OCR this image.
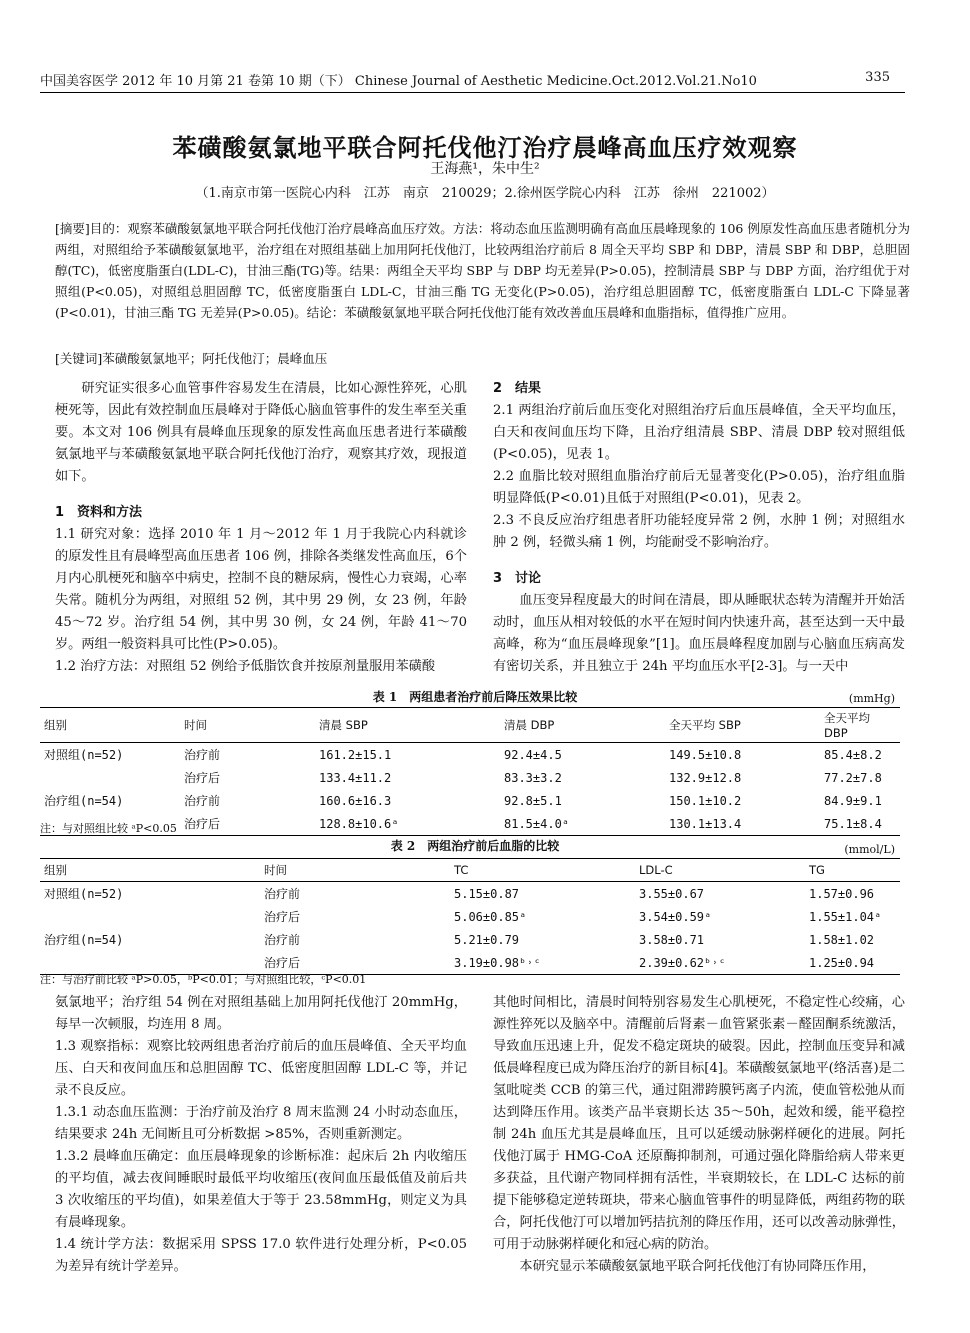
中国美容医学 2012 年 10 月第 21 卷第 10 期（下） Chinese Journal of Aesthetic Medicine.Oct.2012.Vol.21.No10	335
苯磺酸氨氯地平联合阿托伐他汀治疗晨峰高血压疗效观察
王海燕¹，朱中生²
（1.南京市第一医院心内科　江苏　南京　210029；2.徐州医学院心内科　江苏　徐州　221002）
[摘要]目的：观察苯磺酸氨氯地平联合阿托伐他汀治疗晨峰高血压疗效。方法：将动态血压监测明确有高血压晨峰现象的 106 例原发性高血压患者随机分为两组，对照组给予苯磺酸氨氯地平，治疗组在对照组基础上加用阿托伐他汀，比较两组治疗前后 8 周全天平均 SBP 和 DBP，清晨 SBP 和 DBP，总胆固醇(TC)，低密度脂蛋白(LDL-C)，甘油三酯(TG)等。结果：两组全天平均 SBP 与 DBP 均无差异(P>0.05)，控制清晨 SBP 与 DBP 方面，治疗组优于对照组(P<0.05)，对照组总胆固醇 TC，低密度脂蛋白 LDL-C，甘油三酯 TG 无变化(P>0.05)，治疗组总胆固醇 TC，低密度脂蛋白 LDL-C 下降显著(P<0.01)，甘油三酯 TG 无差异(P>0.05)。结论：苯磺酸氨氯地平联合阿托伐他汀能有效改善血压晨峰和血脂指标，值得推广应用。
[关键词]苯磺酸氨氯地平；阿托伐他汀；晨峰血压

研究证实很多心血管事件容易发生在清晨，比如心源性猝死，心肌梗死等，因此有效控制血压晨峰对于降低心脑血管事件的发生率至关重要。本文对 106 例具有晨峰血压现象的原发性高血压患者进行苯磺酸氨氯地平与苯磺酸氨氯地平联合阿托伐他汀治疗，观察其疗效，现报道如下。

1　资料和方法

1.1 研究对象：选择 2010 年 1 月～2012 年 1 月于我院心内科就诊的原发性且有晨峰型高血压患者 106 例，排除各类继发性高血压，6个月内心肌梗死和脑卒中病史，控制不良的糖尿病，慢性心力衰竭，心率失常。随机分为两组，对照组 52 例，其中男 29 例，女 23 例，年龄 45～72 岁。治疗组 54 例，其中男 30 例，女 24 例，年龄 41～70岁。两组一般资料具可比性(P>0.05)。

1.2 治疗方法：对照组 52 例给予低脂饮食并按原剂量服用苯磺酸

2　结果

2.1 两组治疗前后血压变化对照组治疗后血压晨峰值，全天平均血压，白天和夜间血压均下降，且治疗组清晨 SBP、清晨 DBP 较对照组低(P<0.05)，见表 1。

2.2 血脂比较对照组血脂治疗前后无显著变化(P>0.05)，治疗组血脂明显降低(P<0.01)且低于对照组(P<0.01)，见表 2。

2.3 不良反应治疗组患者肝功能轻度异常 2 例，水肿 1 例；对照组水肿 2 例，轻微头痛 1 例，均能耐受不影响治疗。

3　讨论

血压变异程度最大的时间在清晨，即从睡眠状态转为清醒并开始活动时，血压从相对较低的水平在短时间内快速升高，甚至达到一天中最高峰，称为“血压晨峰现象”[1]。血压晨峰程度加剧与心脑血压病高发有密切关系，并且独立于 24h 平均血压水平[2-3]。与一天中

表 1　两组患者治疗前后降压效果比较	(mmHg)
组别	时间	清晨 SBP	清晨 DBP	全天平均 SBP	全天平均 DBP
对照组(n=52)	治疗前	161.2±15.1	92.4±4.5	149.5±10.8	85.4±8.2
	治疗后	133.4±11.2	83.3±3.2	132.9±12.8	77.2±7.8
治疗组(n=54)	治疗前	160.6±16.3	92.8±5.1	150.1±10.2	84.9±9.1
	治疗后	128.8±10.6ᵃ	81.5±4.0ᵃ	130.1±13.4	75.1±8.4
注：与对照组比较 ᵃP<0.05
表 2　两组治疗前后血脂的比较	(mmol/L)
组别	时间	TC	LDL-C	TG
对照组(n=52)	治疗前	5.15±0.87	3.55±0.67	1.57±0.96
	治疗后	5.06±0.85ᵃ	3.54±0.59ᵃ	1.55±1.04ᵃ
治疗组(n=54)	治疗前	5.21±0.79	3.58±0.71	1.58±1.02
	治疗后	3.19±0.98ᵇ˒ᶜ	2.39±0.62ᵇ˒ᶜ	1.25±0.94
注：与治疗前比较 ᵃP>0.05，ᵇP<0.01；与对照组比较，ᶜP<0.01

氨氯地平；治疗组 54 例在对照组基础上加用阿托伐他汀 20mmHg，每早一次顿服，均连用 8 周。

1.3 观察指标：观察比较两组患者治疗前后的血压晨峰值、全天平均血压、白天和夜间血压和总胆固醇 TC、低密度胆固醇 LDL-C 等，并记录不良反应。

1.3.1 动态血压监测：于治疗前及治疗 8 周末监测 24 小时动态血压，结果要求 24h 无间断且可分析数据 >85%，否则重新测定。

1.3.2 晨峰血压确定：血压晨峰现象的诊断标准：起床后 2h 内收缩压的平均值，减去夜间睡眠时最低平均收缩压(夜间血压最低值及前后共 3 次收缩压的平均值)，如果差值大于等于 23.58mmHg，则定义为具有晨峰现象。

1.4 统计学方法：数据采用 SPSS 17.0 软件进行处理分析，P<0.05 为差异有统计学差异。

其他时间相比，清晨时间特别容易发生心肌梗死，不稳定性心绞痛，心源性猝死以及脑卒中。清醒前后肾素－血管紧张素－醛固酮系统激活，导致血压迅速上升，促发不稳定斑块的破裂。因此，控制血压变异和减低晨峰程度已成为降压治疗的新目标[4]。苯磺酸氨氯地平(络活喜)是二氢吡啶类 CCB 的第三代，通过阻滞跨膜钙离子内流，使血管松弛从而达到降压作用。该类产品半衰期长达 35～50h，起效和缓，能平稳控制 24h 血压尤其是晨峰血压，且可以延缓动脉粥样硬化的进展。阿托伐他汀属于 HMG-CoA 还原酶抑制剂，可通过强化降脂给病人带来更多获益，且代谢产物同样拥有活性，半衰期较长，在 LDL-C 达标的前提下能够稳定逆转斑块，带来心脑血管事件的明显降低，两组药物的联合，阿托伐他汀可以增加钙拮抗剂的降压作用，还可以改善动脉弹性，可用于动脉粥样硬化和冠心病的防治。

本研究显示苯磺酸氨氯地平联合阿托伐他汀有协同降压作用，
